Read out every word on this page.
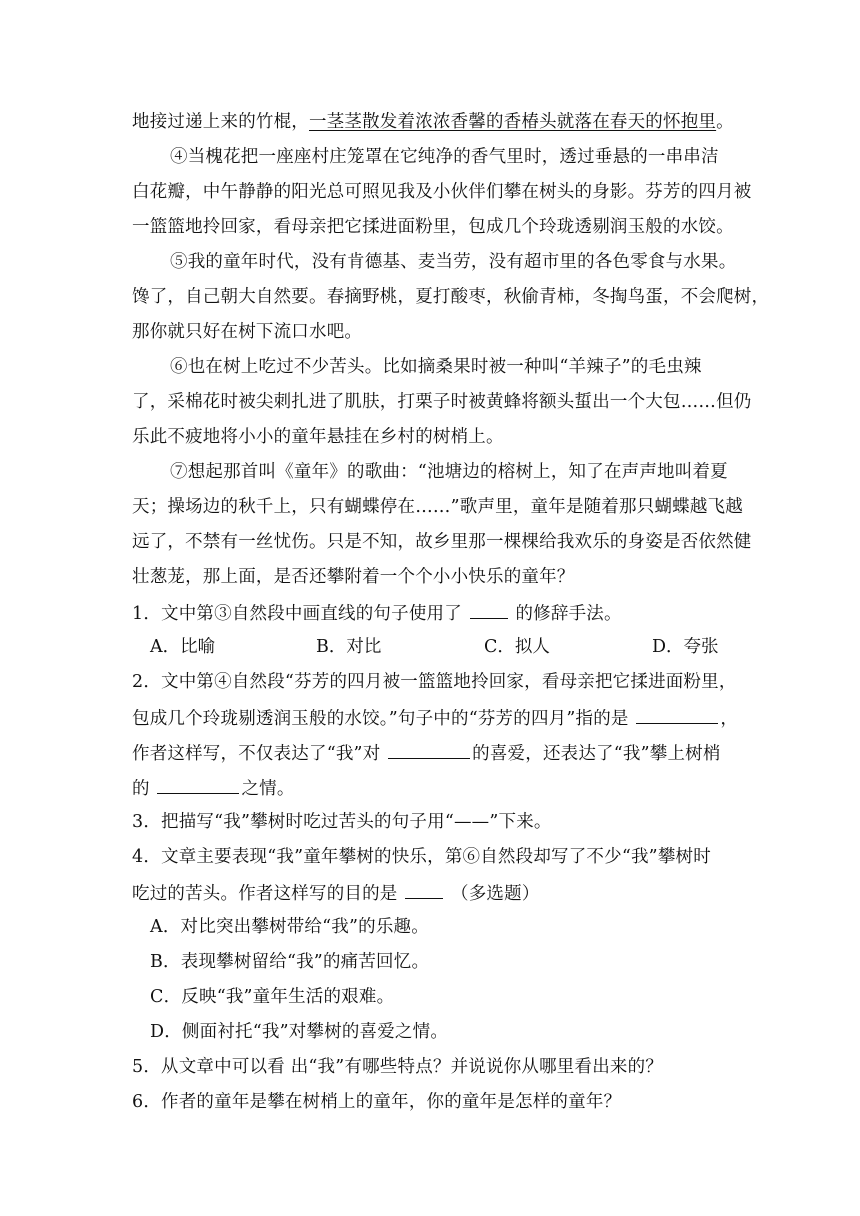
地接过递上来的竹棍，一茎茎散发着浓浓香馨的香椿头就落在春天的怀抱里。
④当槐花把一座座村庄笼罩在它纯净的香气里时，透过垂悬的一串串洁
白花瓣，中午静静的阳光总可照见我及小伙伴们攀在树头的身影。芬芳的四月被
一篮篮地拎回家，看母亲把它揉进面粉里，包成几个玲珑透剔润玉般的水饺。
⑤我的童年时代，没有肯德基、麦当劳，没有超市里的各色零食与水果。
馋了，自己朝大自然要。春摘野桃，夏打酸枣，秋偷青柿，冬掏鸟蛋，不会爬树，
那你就只好在树下流口水吧。
⑥也在树上吃过不少苦头。比如摘桑果时被一种叫“羊辣子”的毛虫辣
了，采棉花时被尖刺扎进了肌肤，打栗子时被黄蜂将额头蜇出一个大包……但仍
乐此不疲地将小小的童年悬挂在乡村的树梢上。
⑦想起那首叫《童年》的歌曲：“池塘边的榕树上，知了在声声地叫着夏
天；操场边的秋千上，只有蝴蝶停在……”歌声里，童年是随着那只蝴蝶越飞越
远了，不禁有一丝忧伤。只是不知，故乡里那一棵棵给我欢乐的身姿是否依然健
壮葱茏，那上面，是否还攀附着一个个小小快乐的童年？
1．文中第③自然段中画直线的句子使用了  的修辞手法。
A．比喻	B．对比	C．拟人	D．夸张
2．文中第④自然段“芬芳的四月被一篮篮地拎回家，看母亲把它揉进面粉里，
包成几个玲珑剔透润玉般的水饺。”句子中的“芬芳的四月”指的是	，
作者这样写，不仅表达了“我”对	的喜爱，还表达了“我”攀上树梢
的	之情。
3．把描写“我”攀树时吃过苦头的句子用“——”下来。
4．文章主要表现“我”童年攀树的快乐，第⑥自然段却写了不少“我”攀树时
吃过的苦头。作者这样写的目的是  （多选题）
A．对比突出攀树带给“我”的乐趣。
B．表现攀树留给“我”的痛苦回忆。
C．反映“我”童年生活的艰难。
D．侧面衬托“我”对攀树的喜爱之情。
5．从文章中可以看 出“我”有哪些特点？并说说你从哪里看出来的？
6．作者的童年是攀在树梢上的童年，你的童年是怎样的童年？
